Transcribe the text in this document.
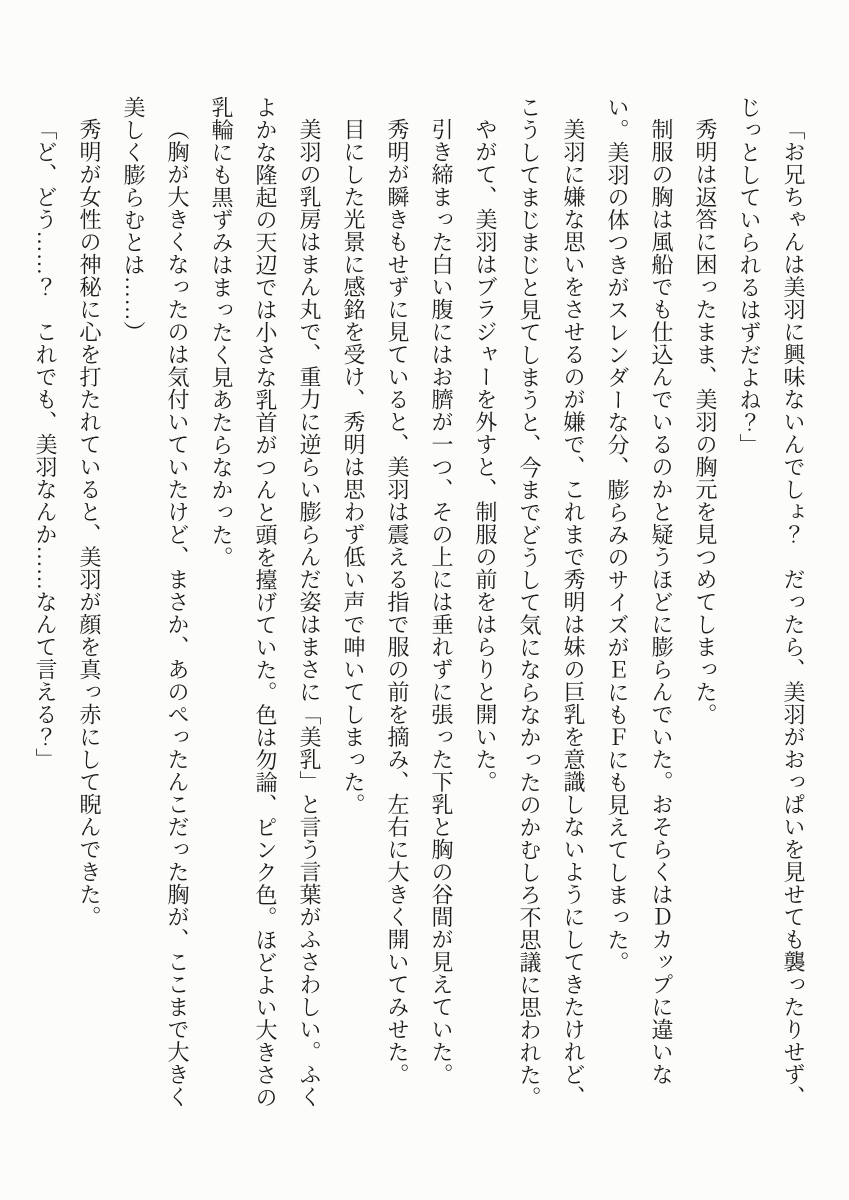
「お兄ちゃんは美羽に興味ないんでしょ？　だったら、美羽がおっぱいを見せても襲ったりせず、じっとしていられるはずだよね？」

秀明は返答に困ったまま、美羽の胸元を見つめてしまった。

制服の胸は風船でも仕込んでいるのかと疑うほどに膨らんでいた。おそらくはＤカップに違いない。美羽の体つきがスレンダーな分、膨らみのサイズがＥにもＦにも見えてしまった。

美羽に嫌な思いをさせるのが嫌で、これまで秀明は妹の巨乳を意識しないようにしてきたけれど、こうしてまじまじと見てしまうと、今までどうして気にならなかったのかむしろ不思議に思われた。

やがて、美羽はブラジャーを外すと、制服の前をはらりと開いた。

引き締まった白い腹にはお臍が一つ、その上には垂れずに張った下乳と胸の谷間が見えていた。

秀明が瞬きもせずに見ていると、美羽は震える指で服の前を摘み、左右に大きく開いてみせた。

目にした光景に感銘を受け、秀明は思わず低い声で呻いてしまった。

美羽の乳房はまん丸で、重力に逆らい膨らんだ姿はまさに「美乳」と言う言葉がふさわしい。ふくよかな隆起の天辺では小さな乳首がつんと頭を擡げていた。色は勿論、ピンク色。ほどよい大きさの乳輪にも黒ずみはまったく見あたらなかった。

（胸が大きくなったのは気付いていたけど、まさか、あのぺったんこだった胸が、ここまで大きく美しく膨らむとは……）

秀明が女性の神秘に心を打たれていると、美羽が顔を真っ赤にして睨んできた。

「ど、どう……？　これでも、美羽なんか……なんて言える？」
